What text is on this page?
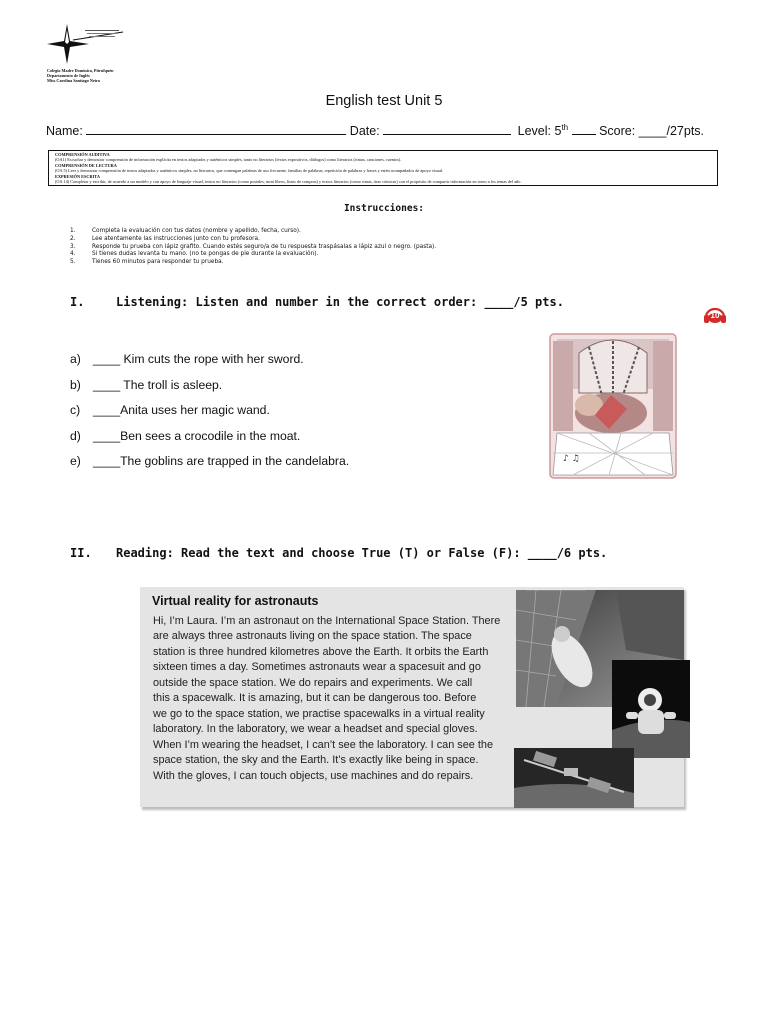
Colegio Madre Dominica, Pitrufquén
Departamento de Inglés
Miss Carolina Santiago Neira
English test Unit 5
Name:	Date:	Level: 5th Score: ____/27pts.
COMPRENSIÓN AUDITIVA
(OA1) Escuchar y demostrar comprensión de información explícita en textos adaptados y auténticos simples, tanto no literarios (textos expositivos, diálogos) como literarios (rimas, canciones, cuentos).
COMPRENSIÓN DE LECTURA
(OA 5) Leer y demostrar comprensión de textos adaptados y auténticos simples, no literarios, que contengan palabras de uso frecuente, familias de palabras, repetición de palabras y frases y estén acompañados de apoyo visual.
EXPRESIÓN ESCRITA
(OA 14) Completar y escribir, de acuerdo a un modelo y con apoyo de lenguaje visual, textos no literarios (como postales, mini libros, listas de compras) y textos literarios (como rimas, tiras cómicas) con el propósito de compartir información en torno a los temas del año.
Instrucciones:
1.	Completa la evaluación con tus datos (nombre y apellido, fecha, curso).
2.	Lee atentamente las instrucciones junto con tu profesora.
3.	Responde tu prueba con lápiz grafito. Cuando estés seguro/a de tu respuesta traspásalas a lápiz azul o negro. (pasta).
4.	Si tienes dudas levanta tu mano. (no te pongas de pie durante la evaluación).
5.	Tienes 60 minutos para responder tu prueba.
I.	Listening: Listen and number in the correct order: ____/5 pts.
10
a) ____ Kim cuts the rope with her sword.
b) ____ The troll is asleep.
c) ____Anita uses her magic wand.
d) ____Ben sees a crocodile in the moat.
e) ____The goblins are trapped in the candelabra.	♪ ♫
II. Reading: Read the text and choose True (T) or False (F): ____/6 pts.
Virtual reality for astronauts
Hi, I’m Laura. I’m an astronaut on the International Space Station. There
are always three astronauts living on the space station. The space
station is three hundred kilometres above the Earth. It orbits the Earth
sixteen times a day. Sometimes astronauts wear a spacesuit and go
outside the space station. We do repairs and experiments. We call
this a spacewalk. It is amazing, but it can be dangerous too. Before
we go to the space station, we practise spacewalks in a virtual reality
laboratory. In the laboratory, we wear a headset and special gloves.
When I’m wearing the headset, I can’t see the laboratory. I can see the
space station, the sky and the Earth. It’s exactly like being in space.
With the gloves, I can touch objects, use machines and do repairs.
